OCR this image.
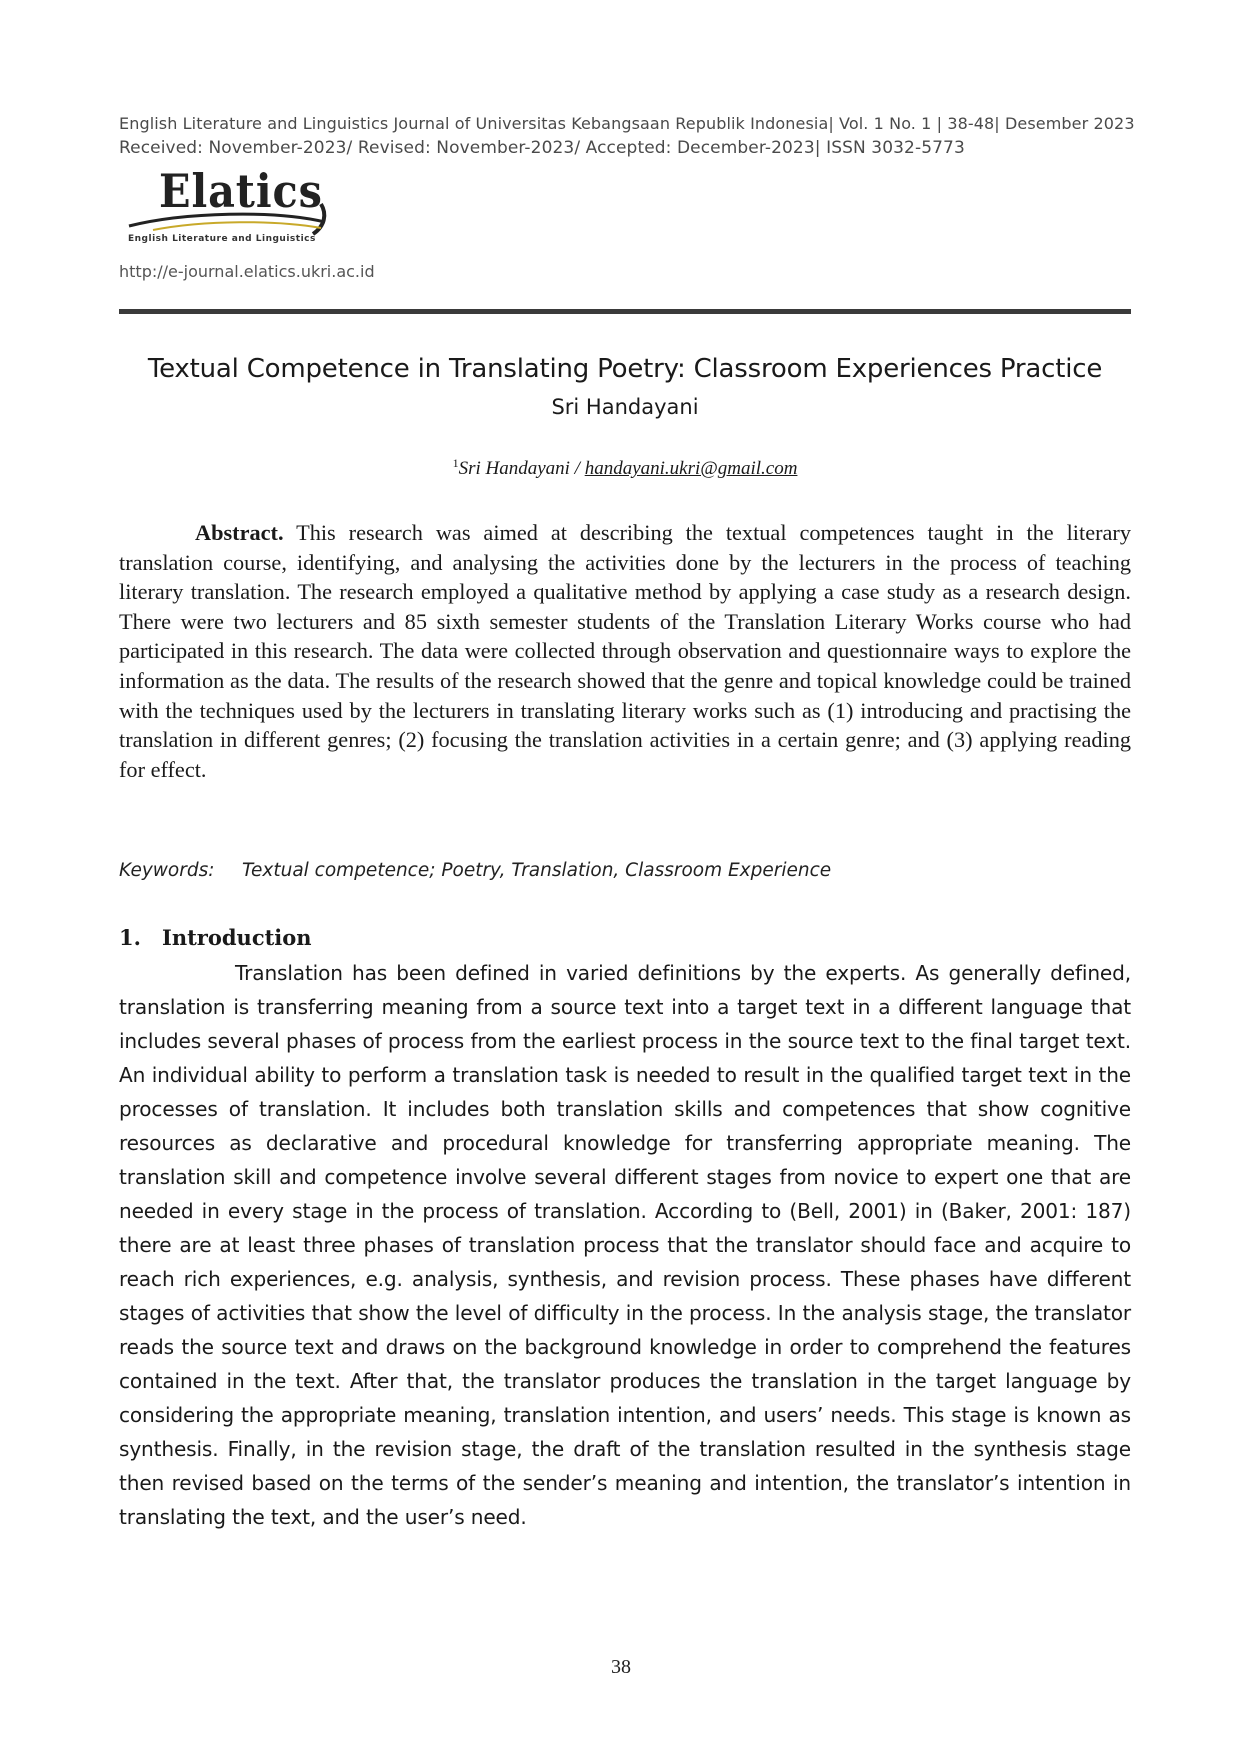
English Literature and Linguistics Journal of Universitas Kebangsaan Republik Indonesia| Vol. 1 No. 1 | 38-48| Desember 2023
Received: November-2023/ Revised: November-2023/ Accepted: December-2023| ISSN 3032-5773
Elatics
English Literature and Linguistics
http://e-journal.elatics.ukri.ac.id
Textual Competence in Translating Poetry: Classroom Experiences Practice
Sri Handayani
$^1$Sri Handayani / handayani.ukri@gmail.com
Abstract. This research was aimed at describing the textual competences taught in the literary translation course, identifying, and analysing the activities done by the lecturers in the process of teaching literary translation. The research employed a qualitative method by applying a case study as a research design. There were two lecturers and 85 sixth semester students of the Translation Literary Works course who had participated in this research. The data were collected through observation and questionnaire ways to explore the information as the data. The results of the research showed that the genre and topical knowledge could be trained with the techniques used by the lecturers in translating literary works such as (1) introducing and practising the translation in different genres; (2) focusing the translation activities in a certain genre; and (3) applying reading for effect.
Keywords: Textual competence; Poetry, Translation, Classroom Experience
1. Introduction
Translation has been defined in varied definitions by the experts. As generally defined, translation is transferring meaning from a source text into a target text in a different language that includes several phases of process from the earliest process in the source text to the final target text. An individual ability to perform a translation task is needed to result in the qualified target text in the processes of translation. It includes both translation skills and competences that show cognitive resources as declarative and procedural knowledge for transferring appropriate meaning. The translation skill and competence involve several different stages from novice to expert one that are needed in every stage in the process of translation. According to (Bell, 2001) in (Baker, 2001: 187) there are at least three phases of translation process that the translator should face and acquire to reach rich experiences, e.g. analysis, synthesis, and revision process. These phases have different stages of activities that show the level of difficulty in the process. In the analysis stage, the translator reads the source text and draws on the background knowledge in order to comprehend the features contained in the text. After that, the translator produces the translation in the target language by considering the appropriate meaning, translation intention, and users’ needs. This stage is known as synthesis. Finally, in the revision stage, the draft of the translation resulted in the synthesis stage then revised based on the terms of the sender’s meaning and intention, the translator’s intention in translating the text, and the user’s need.
38
